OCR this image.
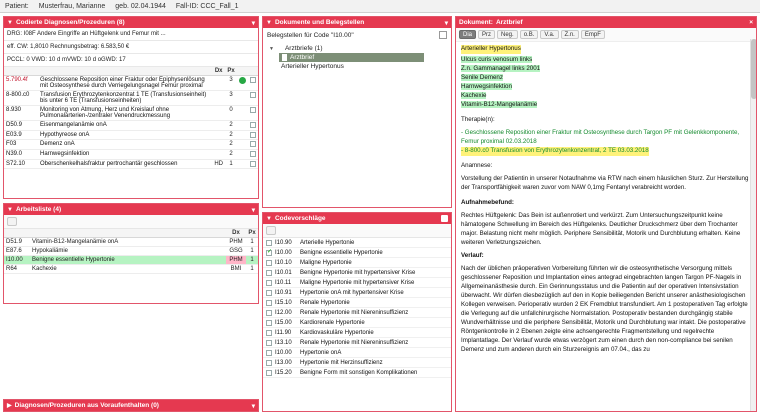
Patient: Musterfrau, Marianne geb. 02.04.1944 Fall-ID: CCC_Fall_1
▼ Codierte Diagnosen/Prozeduren (8)	▾
DRG: I08F Andere Eingriffe an Hüftgelenk und Femur mit ...
eff. CW: 1,8010 Rechnungsbetrag: 6.583,50 €
PCCL: 0 VWD: 10 d mVWD: 10 d oGWD: 17
		Dx	Px		
5.790.4f	Geschlossene Reposition einer Fraktur oder Epiphysenlösung mit Osteosynthese durch Verriegelungsnagel Femur proximal		3		
8-800.c0	Transfusion Erythrozytenkonzentrat 1 TE (Transfusionseinheit) bis unter 6 TE (Transfusionseinheiten)		3		
8.930	Monitoring von Atmung, Herz und Kreislauf ohne Pulmonalarterien-/zentraler Venendruckmessung		0		
D50.9	Eisenmangelanämie onA		2		
E03.9	Hypothyreose onA		2		
F03	Demenz onA		2		
N39.0	Harnwegsinfektion		2		
S72.10	Oberschenkelhalsfraktur pertrochantär geschlossen	HD	1		
▼ Arbeitsliste (4)	▾

		Dx	Px
D51.9	Vitamin-B12-Mangelanämie onA	PHM	1
E87.6	Hypokaliämie	GSG	1
I10.00	Benigne essentielle Hypertonie	PHM	1
R64	Kachexie	BMI	1
▶ Diagnosen/Prozeduren aus Voraufenthalten (0)	▾
▼ Dokumente und Belegstellen	▾
Belegstellen für Code "I10.00"
▼ Arztbriefe (1)
Arztbrief
Arterieller Hypertonus
▼ Codevorschläge

I10.90	Arterielle Hypertonie
✓
I10.00	Benigne essentielle Hypertonie
I10.10	Maligne Hypertonie
I10.01	Benigne Hypertonie mit hypertensiver Krise
I10.11	Maligne Hypertonie mit hypertensiver Krise
I10.91	Hypertonie onA mit hypertensiver Krise
I15.10	Renale Hypertonie
I12.00	Renale Hypertonie mit Niereninsuffizienz
I15.00	Kardiorenale Hypertonie
I11.90	Kardiovaskuläre Hypertonie
I13.10	Renale Hypertonie mit Niereninsuffizienz
I10.00	Hypertonie onA
I13.00	Hypertonie mit Herzinsuffizienz
I15.20	Benigne Form mit sonstigen Komplikationen
Dokument: Arztbrief	×
Dia	Prz	Neg.	o.B.	V.a.	Z.n.	EmpF

Arterieller Hypertonus

Ulcus curis venosum links
Z.n. Gammanagel links 2001
Senile Demenz
Harnwegsinfektion
Kachexie
Vitamin-B12-Mangelanämie

Therapie(n):

- Geschlossene Reposition einer Fraktur mit Osteosynthese durch Targon PF mit Gelenkkomponente, Femur proximal 02.03.2018

- 8-800.c0 Transfusion von Erythrozytenkonzentrat, 2 TE 03.03.2018

Anamnese:

Vorstellung der Patientin in unserer Notaufnahme via RTW nach einem häuslichen Sturz. Zur Herstellung der Transportfähigkeit waren zuvor vom NAW 0,1mg Fentanyl verabreicht worden.

Aufnahmebefund:

Rechtes Hüftgelenk: Das Bein ist außenrotiert und verkürzt. Zum Untersuchungszeitpunkt keine hämatogene Schwellung im Bereich des Hüftgelenks. Deutlicher Druckschmerz über dem Trochanter major. Belastung nicht mehr möglich. Periphere Sensibilität, Motorik und Durchblutung erhalten. Keine weiteren Verletzungszeichen.

Verlauf:

Nach der üblichen präoperativen Vorbereitung führten wir die osteosynthetische Versorgung mittels geschlossener Reposition und Implantation eines antegrad eingebrachten langen Targon PF-Nagels in Allgemeinanästhesie durch. Ein Gerinnungsstatus und die Patientin auf der operativen Intensivstation überwacht. Wir dürfen diesbezüglich auf den in Kopie beiliegenden Bericht unserer anästhesiologischen Kollegen verweisen. Perioperativ wurden 2 EK Fremdblut transfundiert. Am 1 postoperativen Tag erfolgte die Verlegung auf die unfallchirurgische Normalstation. Postoperativ bestanden durchgängig stabile Wundverhältnisse und die periphere Sensibilität, Motorik und Durchblutung war intakt. Die postoperative Röntgenkontrolle in 2 Ebenen zeigte eine achsengerechte Fragmentstellung und regelrechte Implantatlage. Der Verlauf wurde etwas verzögert zum einen durch den non-compliance bei senilen Demenz und zum anderen durch ein Sturzereignis am 07.04., das zu
